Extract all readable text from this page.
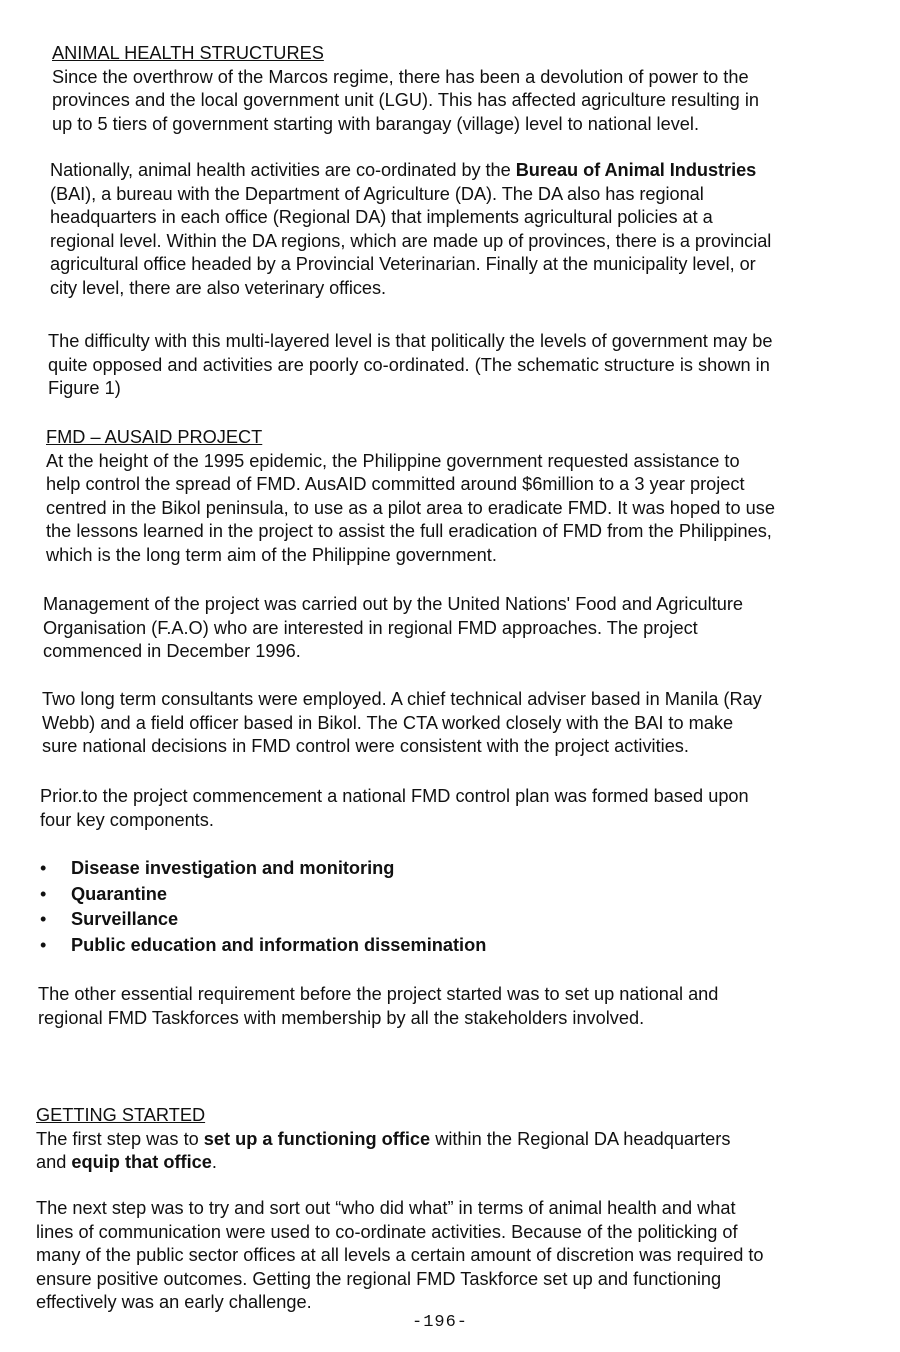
ANIMAL HEALTH STRUCTURES
Since the overthrow of the Marcos regime, there has been a devolution of power to the
provinces and the local government unit (LGU). This has affected agriculture resulting in
up to 5 tiers of government starting with barangay (village) level to national level.
Nationally, animal health activities are co-ordinated by the Bureau of Animal Industries
(BAI), a bureau with the Department of Agriculture (DA). The DA also has regional
headquarters in each office (Regional DA) that implements agricultural policies at a
regional level. Within the DA regions, which are made up of provinces, there is a provincial
agricultural office headed by a Provincial Veterinarian. Finally at the municipality level, or
city level, there are also veterinary offices.
The difficulty with this multi-layered level is that politically the levels of government may be
quite opposed and activities are poorly co-ordinated. (The schematic structure is shown in
Figure 1)
FMD – AUSAID PROJECT
At the height of the 1995 epidemic, the Philippine government requested assistance to
help control the spread of FMD. AusAID committed around $6million to a 3 year project
centred in the Bikol peninsula, to use as a pilot area to eradicate FMD. It was hoped to use
the lessons learned in the project to assist the full eradication of FMD from the Philippines,
which is the long term aim of the Philippine government.
Management of the project was carried out by the United Nations' Food and Agriculture
Organisation (F.A.O) who are interested in regional FMD approaches. The project
commenced in December 1996.
Two long term consultants were employed. A chief technical adviser based in Manila (Ray
Webb) and a field officer based in Bikol. The CTA worked closely with the BAI to make
sure national decisions in FMD control were consistent with the project activities.
Prior.to the project commencement a national FMD control plan was formed based upon
four key components.
• Disease investigation and monitoring
• Quarantine
• Surveillance
• Public education and information dissemination
The other essential requirement before the project started was to set up national and
regional FMD Taskforces with membership by all the stakeholders involved.
GETTING STARTED
The first step was to set up a functioning office within the Regional DA headquarters
and equip that office.
The next step was to try and sort out “who did what” in terms of animal health and what
lines of communication were used to co-ordinate activities. Because of the politicking of
many of the public sector offices at all levels a certain amount of discretion was required to
ensure positive outcomes. Getting the regional FMD Taskforce set up and functioning
effectively was an early challenge.
-196-
